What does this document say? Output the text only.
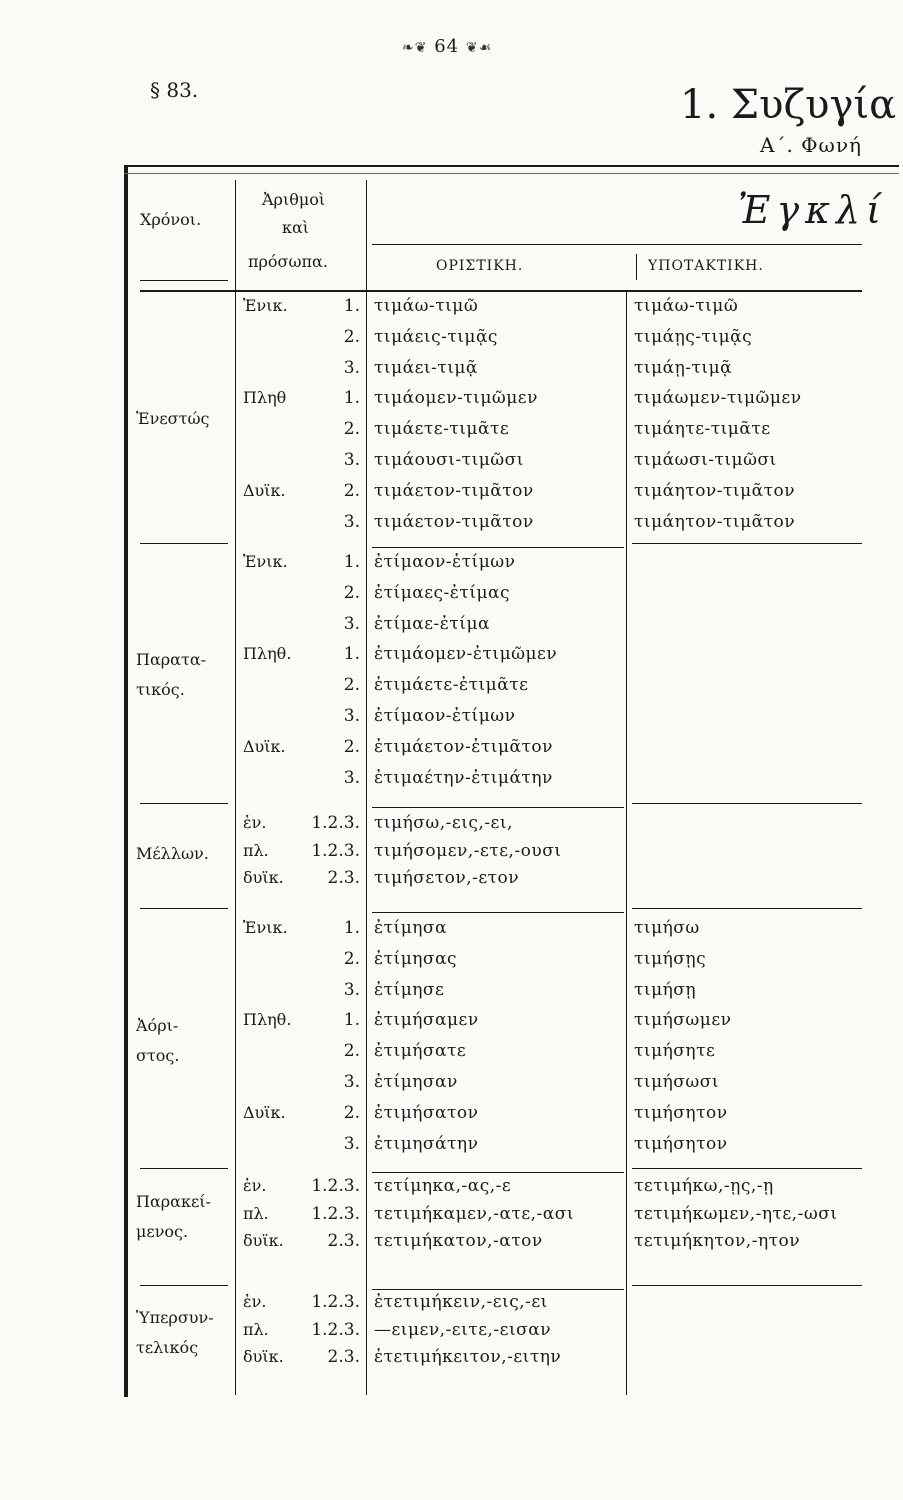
❧❦ 64 ❦☙
§ 83.	1. Συζυγία
Α΄. Φωνή
Χρόνοι.
Ἀριθμοὶ
καὶ
πρόσωπα.
Ἐγκλί
ΟΡΙΣΤΙΚΗ.	ΥΠΟΤΑΚΤΙΚΗ.
Ἐνεστώς
Ἑνικ.	1. τιμάω-τιμῶ	τιμάω-τιμῶ
2. τιμάεις-τιμᾷς	τιμάῃς-τιμᾷς
3. τιμάει-τιμᾷ	τιμάῃ-τιμᾷ
Πληθ	1. τιμάομεν-τιμῶμεν	τιμάωμεν-τιμῶμεν
2. τιμάετε-τιμᾶτε	τιμάητε-τιμᾶτε
3. τιμάουσι-τιμῶσι	τιμάωσι-τιμῶσι
Δυϊκ.	2. τιμάετον-τιμᾶτον	τιμάητον-τιμᾶτον
3. τιμάετον-τιμᾶτον	τιμάητον-τιμᾶτον
Παρατα-
τικός.
Ἑνικ.	1. ἐτίμαον-ἐτίμων
2. ἐτίμαες-ἐτίμας
3. ἐτίμαε-ἐτίμα
Πληθ.	1. ἐτιμάομεν-ἐτιμῶμεν
2. ἐτιμάετε-ἐτιμᾶτε
3. ἐτίμαον-ἐτίμων
Δυϊκ.	2. ἐτιμάετον-ἐτιμᾶτον
3. ἐτιμαέτην-ἐτιμάτην
Μέλλων.
ἑν.	1.2.3. τιμήσω,-εις,-ει,
πλ.	1.2.3. τιμήσομεν,-ετε,-ουσι
δυϊκ.	2.3. τιμήσετον,-ετον
Ἀόρι-
στος.
Ἑνικ.	1. ἐτίμησα	τιμήσω
2. ἐτίμησας	τιμήσῃς
3. ἐτίμησε	τιμήσῃ
Πληθ.	1. ἐτιμήσαμεν	τιμήσωμεν
2. ἐτιμήσατε	τιμήσητε
3. ἐτίμησαν	τιμήσωσι
Δυϊκ.	2. ἐτιμήσατον	τιμήσητον
3. ἐτιμησάτην	τιμήσητον
Παρακεί-
μενος.
ἑν.	1.2.3. τετίμηκα,-ας,-ε	τετιμήκω,-ῃς,-ῃ
πλ.	1.2.3. τετιμήκαμεν,-ατε,-ασι	τετιμήκωμεν,-ητε,-ωσι
δυϊκ.	2.3. τετιμήκατον,-ατον	τετιμήκητον,-ητον
Ὑπερσυν-
τελικός
ἑν.	1.2.3. ἐτετιμήκειν,-εις,-ει
πλ.	1.2.3. —ειμεν,-ειτε,-εισαν
δυϊκ.	2.3. ἐτετιμήκειτον,-ειτην
